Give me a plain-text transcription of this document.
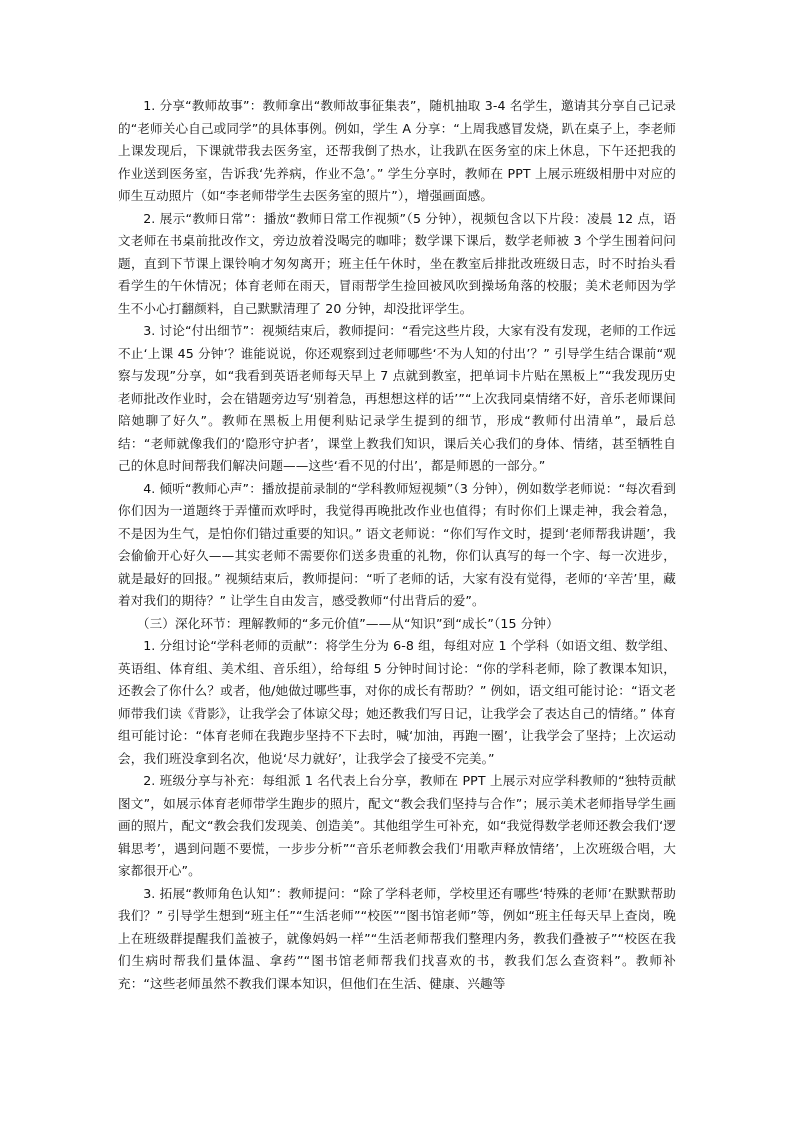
1. 分享“教师故事”：教师拿出“教师故事征集表”，随机抽取 3-4 名学生，邀请其分享自己记录的“老师关心自己或同学”的具体事例。例如，学生 A 分享：“上周我感冒发烧，趴在桌子上，李老师上课发现后，下课就带我去医务室，还帮我倒了热水，让我趴在医务室的床上休息，下午还把我的作业送到医务室，告诉我‘先养病，作业不急’。” 学生分享时，教师在 PPT 上展示班级相册中对应的师生互动照片（如“李老师带学生去医务室的照片”），增强画面感。

2. 展示“教师日常”：播放“教师日常工作视频”（5 分钟），视频包含以下片段：凌晨 12 点，语文老师在书桌前批改作文，旁边放着没喝完的咖啡；数学课下课后，数学老师被 3 个学生围着问问题，直到下节课上课铃响才匆匆离开；班主任午休时，坐在教室后排批改班级日志，时不时抬头看看学生的午休情况；体育老师在雨天，冒雨帮学生捡回被风吹到操场角落的校服；美术老师因为学生不小心打翻颜料，自己默默清理了 20 分钟，却没批评学生。

3. 讨论“付出细节”：视频结束后，教师提问：“看完这些片段，大家有没有发现，老师的工作远不止‘上课 45 分钟’？谁能说说，你还观察到过老师哪些‘不为人知的付出’？” 引导学生结合课前“观察与发现”分享，如“我看到英语老师每天早上 7 点就到教室，把单词卡片贴在黑板上”“我发现历史老师批改作业时，会在错题旁边写‘别着急，再想想这样的话’”“上次我同桌情绪不好，音乐老师课间陪她聊了好久”。教师在黑板上用便利贴记录学生提到的细节，形成“教师付出清单”，最后总结：“老师就像我们的‘隐形守护者’，课堂上教我们知识，课后关心我们的身体、情绪，甚至牺牲自己的休息时间帮我们解决问题——这些‘看不见的付出’，都是师恩的一部分。”

4. 倾听“教师心声”：播放提前录制的“学科教师短视频”（3 分钟），例如数学老师说：“每次看到你们因为一道题终于弄懂而欢呼时，我觉得再晚批改作业也值得；有时你们上课走神，我会着急，不是因为生气，是怕你们错过重要的知识。” 语文老师说：“你们写作文时，提到‘老师帮我讲题’，我会偷偷开心好久——其实老师不需要你们送多贵重的礼物，你们认真写的每一个字、每一次进步，就是最好的回报。” 视频结束后，教师提问：“听了老师的话，大家有没有觉得，老师的‘辛苦’里，藏着对我们的期待？” 让学生自由发言，感受教师“付出背后的爱”。

（三）深化环节：理解教师的“多元价值”——从“知识”到“成长”（15 分钟）

1. 分组讨论“学科老师的贡献”：将学生分为 6-8 组，每组对应 1 个学科（如语文组、数学组、英语组、体育组、美术组、音乐组），给每组 5 分钟时间讨论：“你的学科老师，除了教课本知识，还教会了你什么？或者，他/她做过哪些事，对你的成长有帮助？” 例如，语文组可能讨论：“语文老师带我们读《背影》，让我学会了体谅父母；她还教我们写日记，让我学会了表达自己的情绪。” 体育组可能讨论：“体育老师在我跑步坚持不下去时，喊‘加油，再跑一圈’，让我学会了坚持；上次运动会，我们班没拿到名次，他说‘尽力就好’，让我学会了接受不完美。”

2. 班级分享与补充：每组派 1 名代表上台分享，教师在 PPT 上展示对应学科教师的“独特贡献图文”，如展示体育老师带学生跑步的照片，配文“教会我们坚持与合作”；展示美术老师指导学生画画的照片，配文“教会我们发现美、创造美”。其他组学生可补充，如“我觉得数学老师还教会我们‘逻辑思考’，遇到问题不要慌，一步步分析”“音乐老师教会我们‘用歌声释放情绪’，上次班级合唱，大家都很开心”。

3. 拓展“教师角色认知”：教师提问：“除了学科老师，学校里还有哪些‘特殊的老师’在默默帮助我们？” 引导学生想到“班主任”“生活老师”“校医”“图书馆老师”等，例如“班主任每天早上查岗，晚上在班级群提醒我们盖被子，就像妈妈一样”“生活老师帮我们整理内务，教我们叠被子”“校医在我们生病时帮我们量体温、拿药”“图书馆老师帮我们找喜欢的书，教我们怎么查资料”。教师补充：“这些老师虽然不教我们课本知识，但他们在生活、健康、兴趣等
